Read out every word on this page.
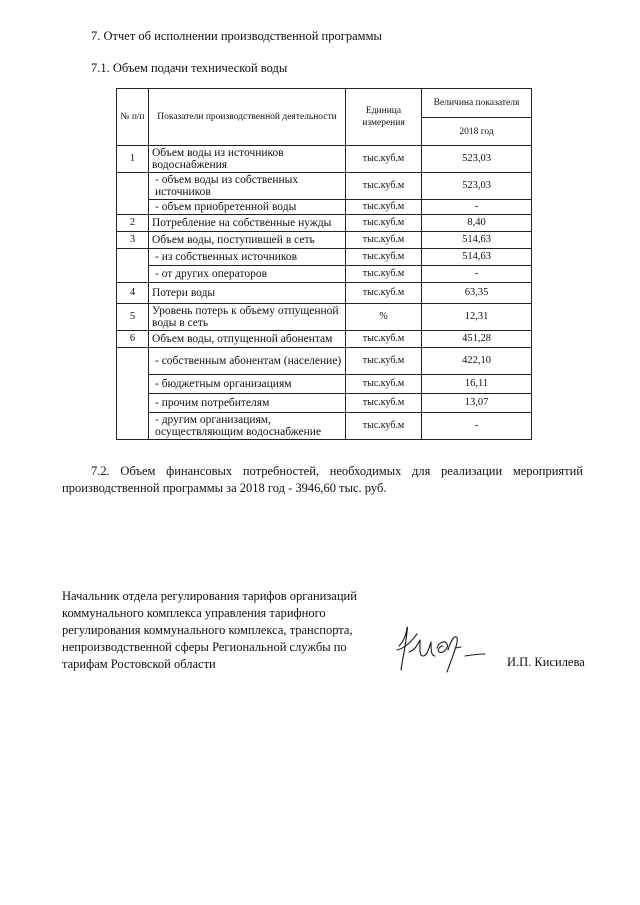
7. Отчет об исполнении производственной программы
7.1. Объем подачи технической воды
№ п/п	Показатели производственной деятельности	Единица измерения	Величина показателя
			2018 год
1	Объем воды из источников водоснабжения	тыс.куб.м	523,03
	- объем воды из собственных источников	тыс.куб.м	523,03
	- объем приобретенной воды	тыс.куб.м	-
2	Потребление на собственные нужды	тыс.куб.м	8,40
3	Объем воды, поступившей в сеть	тыс.куб.м	514,63
	- из собственных источников	тыс.куб.м	514,63
	- от других операторов	тыс.куб.м	-
4	Потери воды	тыс.куб.м	63,35
5	Уровень потерь к объему отпущенной воды в сеть	%	12,31
6	Объем воды, отпущенной абонентам	тыс.куб.м	451,28
	- собственным абонентам (население)	тыс.куб.м	422,10
	- бюджетным организациям	тыс.куб.м	16,11
	- прочим потребителям	тыс.куб.м	13,07
	- другим организациям, осуществляющим водоснабжение	тыс.куб.м	-
7.2. Объем финансовых потребностей, необходимых для реализации мероприятий производственной программы за 2018 год - 3946,60 тыс. руб.
Начальник отдела регулирования тарифов организаций
коммунального комплекса управления тарифного
регулирования коммунального комплекса, транспорта,
непроизводственной сферы Региональной службы по
тарифам Ростовской области	И.П. Кисилева
